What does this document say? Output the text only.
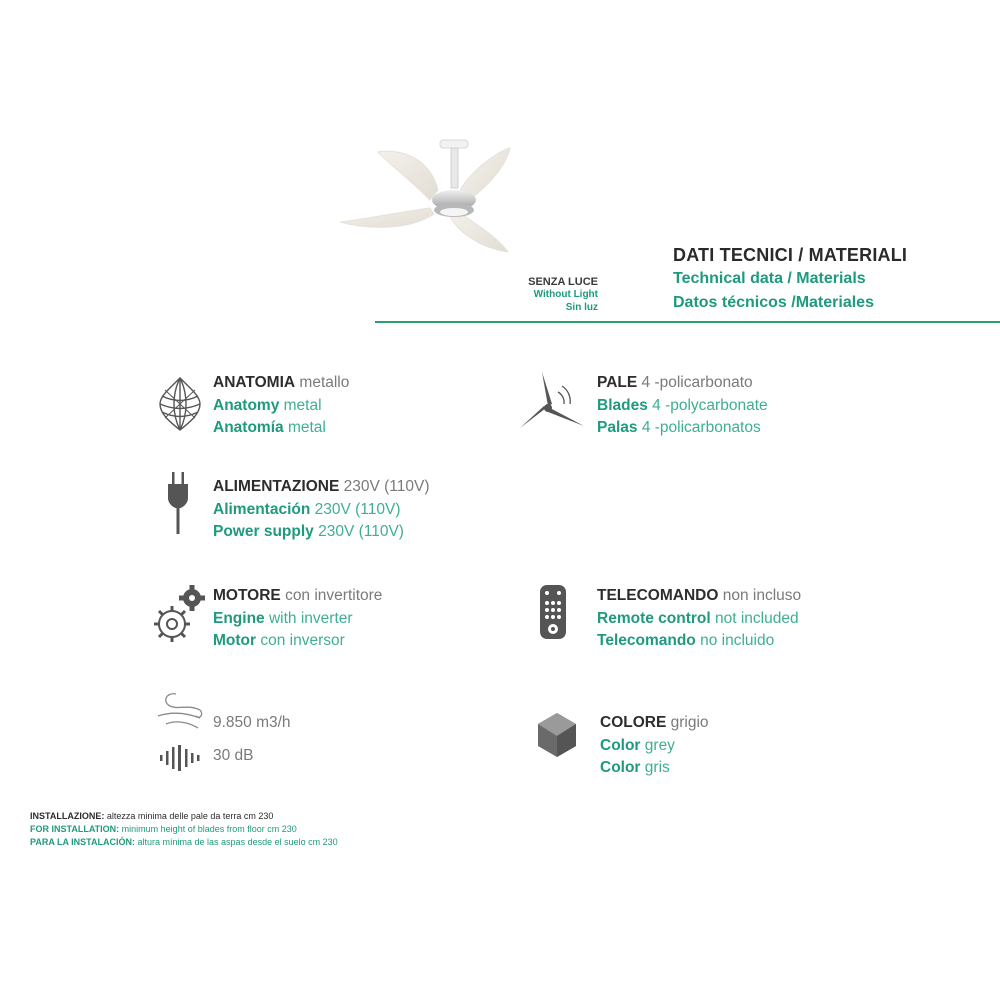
SENZA LUCE
Without Light
Sin luz
DATI TECNICI / MATERIALI
Technical data / Materials
Datos técnicos /Materiales
ANATOMIA metallo
Anatomy metal
Anatomía metal
PALE 4 -policarbonato
Blades 4 -polycarbonate
Palas 4 -policarbonatos
ALIMENTAZIONE 230V (110V)
Alimentación 230V (110V)
Power supply 230V (110V)
MOTORE con invertitore
Engine with inverter
Motor con inversor
TELECOMANDO non incluso
Remote control not included
Telecomando no incluido
9.850 m3/h
30 dB
COLORE grigio
Color grey
Color gris
INSTALLAZIONE: altezza minima delle pale da terra cm 230
FOR INSTALLATION: minimum height of blades from floor cm 230
PARA LA INSTALACIÓN: altura mínima de las aspas desde el suelo cm 230
